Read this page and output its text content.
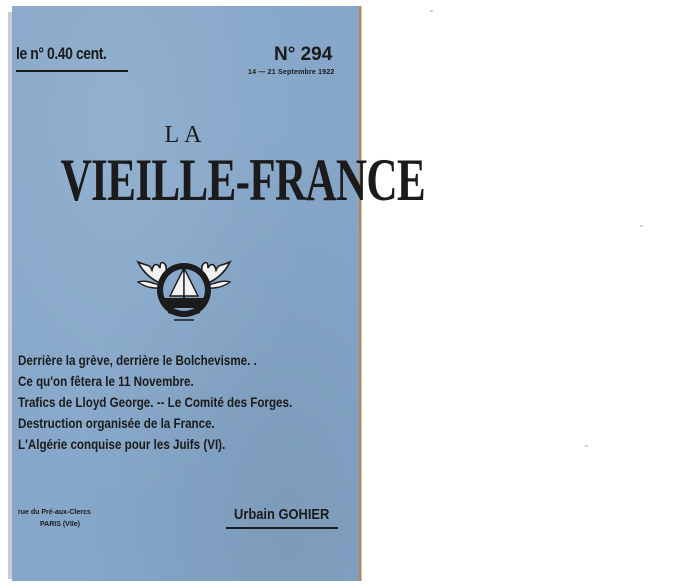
le n° 0.40 cent.	N° 294
14 — 21 Septembre 1922
LA
VIEILLE-FRANCE
Derrière la grève, derrière le Bolchevisme. .
Ce qu'on fêtera le 11 Novembre.
Trafics de Lloyd George. -- Le Comité des Forges.
Destruction organisée de la France.
L'Algérie conquise pour les Juifs (VI).
rue du Pré-aux-Clercs
PARIS (VIIe)
Urbain GOHIER
